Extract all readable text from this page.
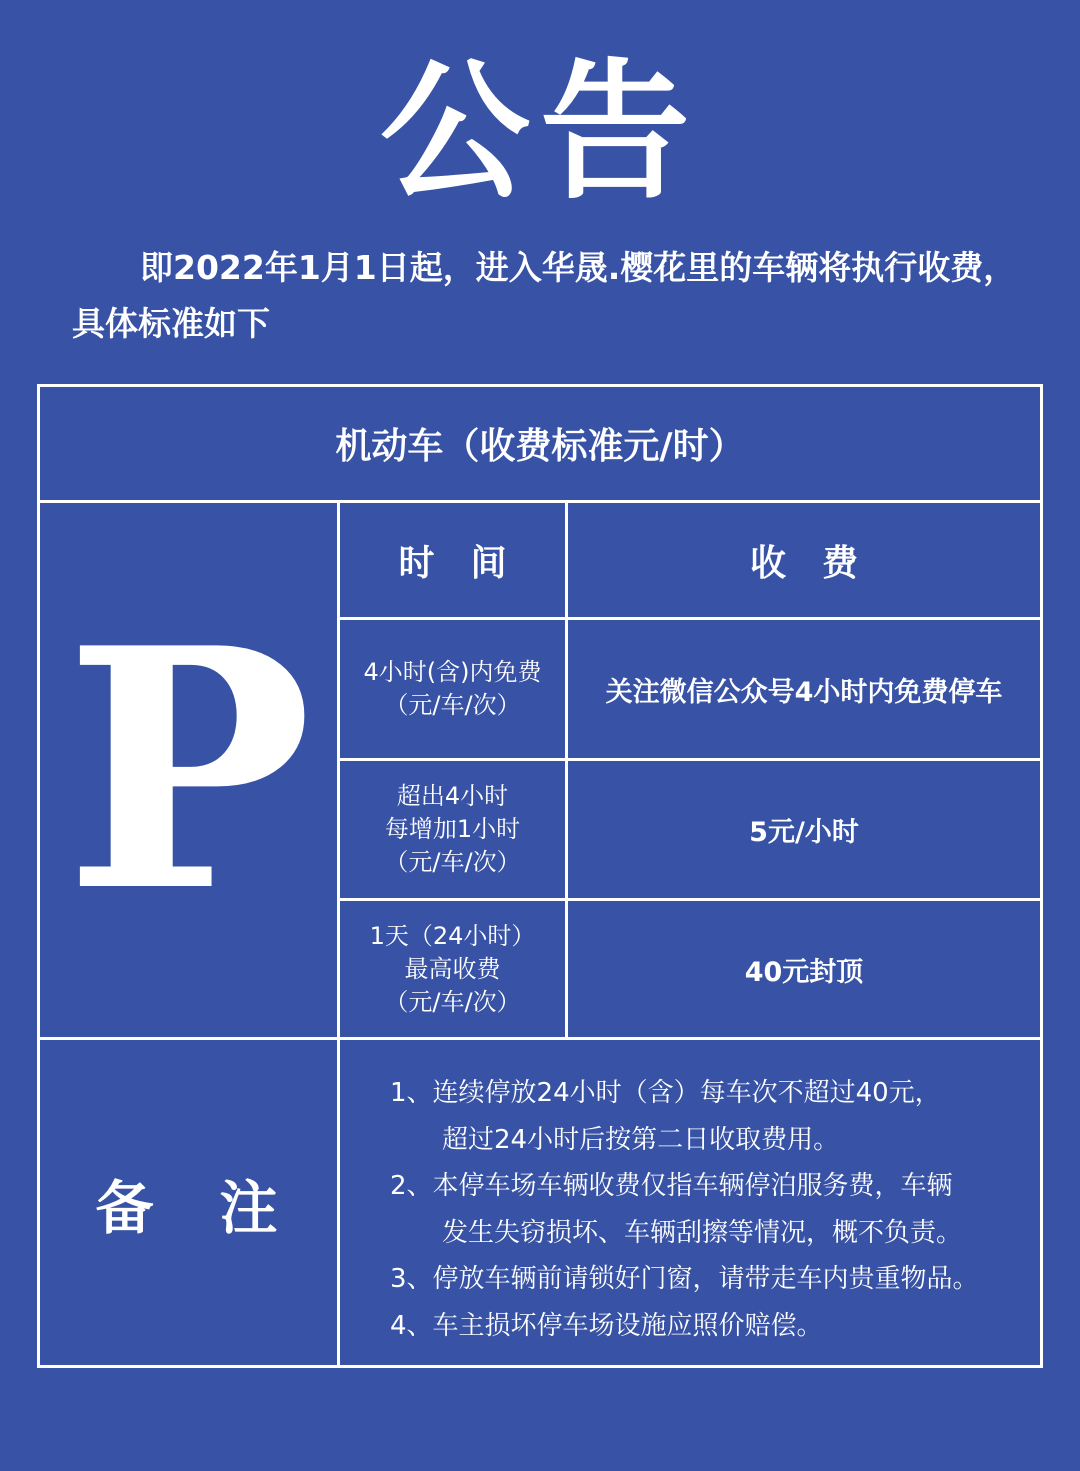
公告
即2022年1月1日起，进入华晟.樱花里的车辆将执行收费，
具体标准如下
机动车（收费标准元/时）
P
时　间	收　费
4小时(含)内免费
（元/车/次）	关注微信公众号4小时内免费停车
超出4小时
每增加1小时
（元/车/次）
5元/小时
1天（24小时）
最高收费
（元/车/次）
40元封顶
备　注
1、连续停放24小时（含）每车次不超过40元，
超过24小时后按第二日收取费用。
2、本停车场车辆收费仅指车辆停泊服务费，车辆
发生失窃损坏、车辆刮擦等情况，概不负责。
3、停放车辆前请锁好门窗，请带走车内贵重物品。
4、车主损坏停车场设施应照价赔偿。
